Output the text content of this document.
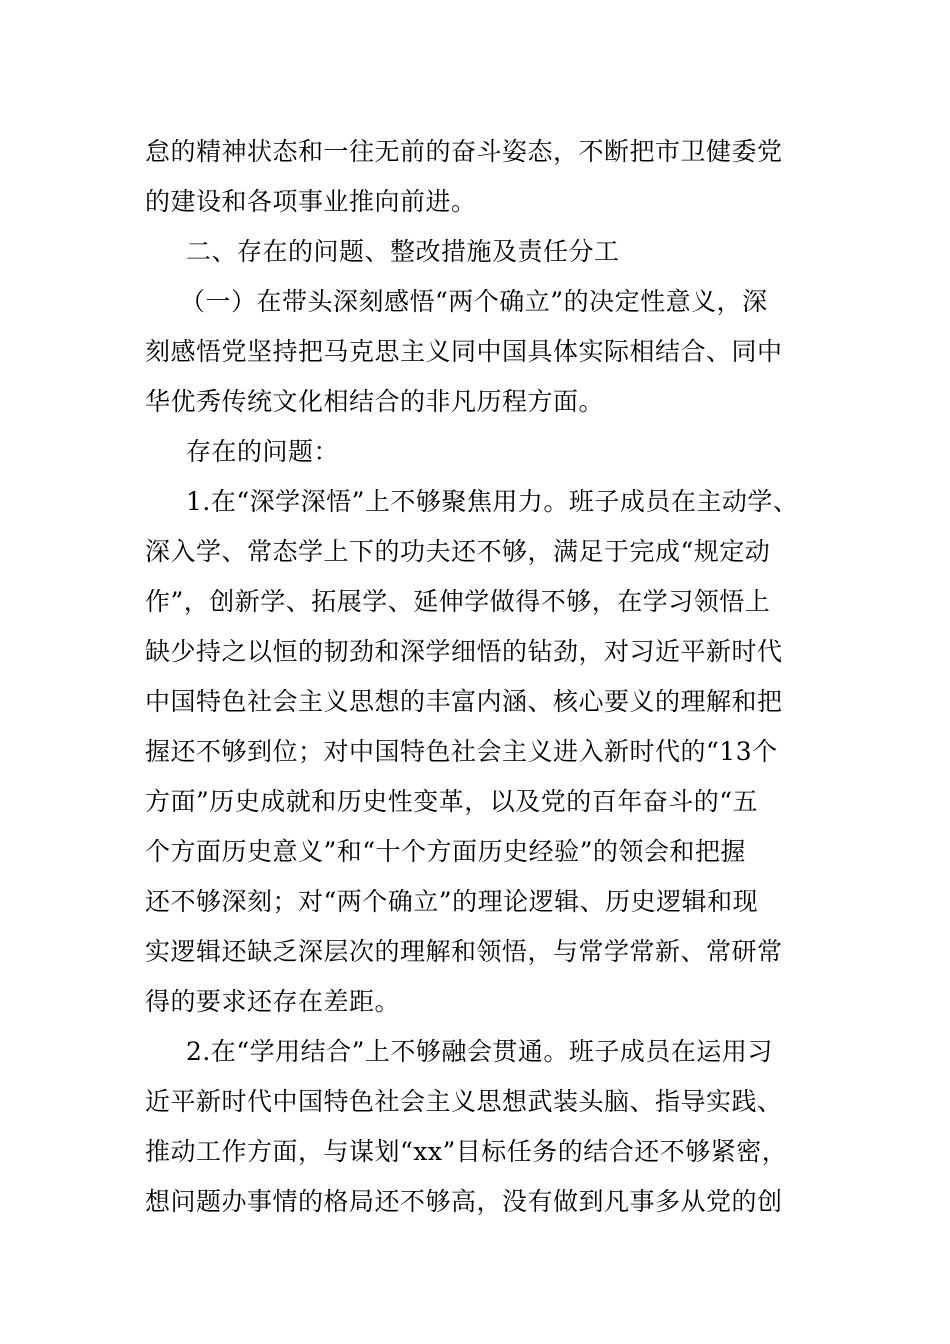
怠的精神状态和一往无前的奋斗姿态，不断把市卫健委党
的建设和各项事业推向前进。
二、存在的问题、整改措施及责任分工
（一）在带头深刻感悟“两个确立”的决定性意义，深
刻感悟党坚持把马克思主义同中国具体实际相结合、同中
华优秀传统文化相结合的非凡历程方面。
存在的问题：
1.在“深学深悟”上不够聚焦用力。班子成员在主动学、
深入学、常态学上下的功夫还不够，满足于完成“规定动
作”，创新学、拓展学、延伸学做得不够，在学习领悟上
缺少持之以恒的韧劲和深学细悟的钻劲，对习近平新时代
中国特色社会主义思想的丰富内涵、核心要义的理解和把
握还不够到位；对中国特色社会主义进入新时代的“13个
方面”历史成就和历史性变革，以及党的百年奋斗的“五
个方面历史意义”和“十个方面历史经验”的领会和把握
还不够深刻；对“两个确立”的理论逻辑、历史逻辑和现
实逻辑还缺乏深层次的理解和领悟，与常学常新、常研常
得的要求还存在差距。
2.在“学用结合”上不够融会贯通。班子成员在运用习
近平新时代中国特色社会主义思想武装头脑、指导实践、
推动工作方面，与谋划“xx”目标任务的结合还不够紧密，
想问题办事情的格局还不够高，没有做到凡事多从党的创
